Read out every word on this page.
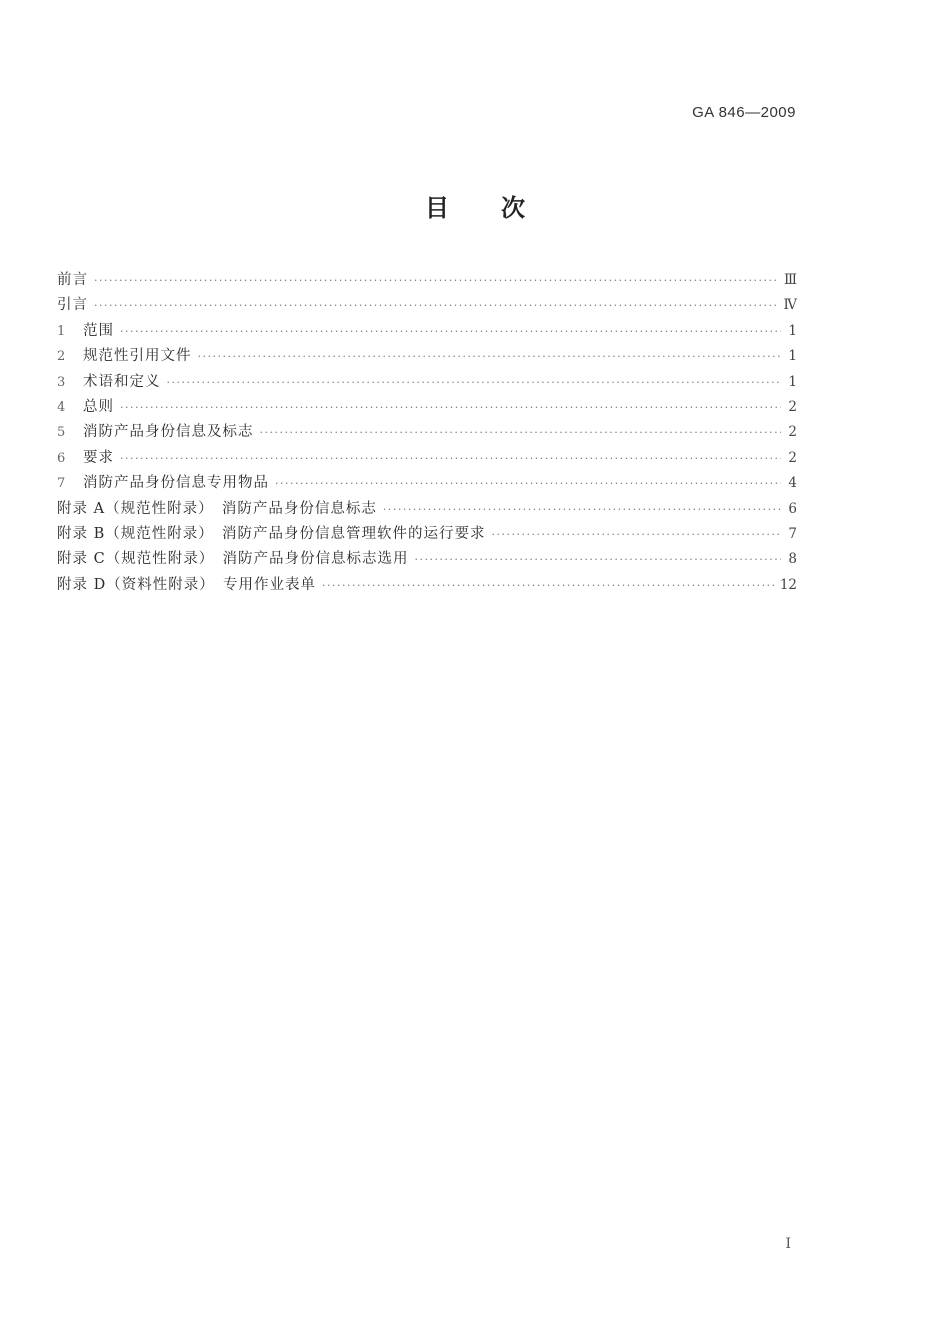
GA 846—2009
目 次
前言 ·····	Ⅲ
引言 ·····	Ⅳ
1	范围 ·····	1
2	规范性引用文件 ·····	1
3	术语和定义 ·····	1
4	总则 ·····	2
5	消防产品身份信息及标志 ·····	2
6	要求 ·····	2
7	消防产品身份信息专用物品 ·····	4
附录 A（规范性附录）　消防产品身份信息标志 ·····	6
附录 B（规范性附录）　消防产品身份信息管理软件的运行要求 ·····	7
附录 C（规范性附录）　消防产品身份信息标志选用 ·····	8
附录 D（资料性附录）　专用作业表单 ·····	12
I
